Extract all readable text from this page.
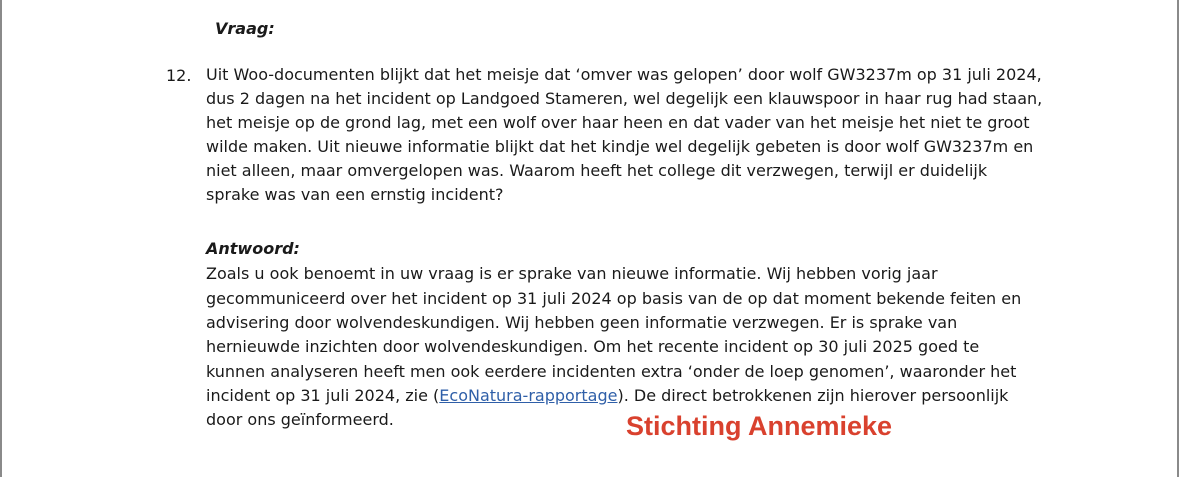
Vraag:
12. Uit Woo-documenten blijkt dat het meisje dat ‘omver was gelopen’ door wolf GW3237m op 31 juli 2024,
dus 2 dagen na het incident op Landgoed Stameren, wel degelijk een klauwspoor in haar rug had staan,
het meisje op de grond lag, met een wolf over haar heen en dat vader van het meisje het niet te groot
wilde maken. Uit nieuwe informatie blijkt dat het kindje wel degelijk gebeten is door wolf GW3237m en
niet alleen, maar omvergelopen was. Waarom heeft het college dit verzwegen, terwijl er duidelijk
sprake was van een ernstig incident?
Antwoord:
Zoals u ook benoemt in uw vraag is er sprake van nieuwe informatie. Wij hebben vorig jaar
gecommuniceerd over het incident op 31 juli 2024 op basis van de op dat moment bekende feiten en
advisering door wolvendeskundigen. Wij hebben geen informatie verzwegen. Er is sprake van
hernieuwde inzichten door wolvendeskundigen. Om het recente incident op 30 juli 2025 goed te
kunnen analyseren heeft men ook eerdere incidenten extra ‘onder de loep genomen’, waaronder het
incident op 31 juli 2024, zie (EcoNatura-rapportage). De direct betrokkenen zijn hierover persoonlijk
door ons geïnformeerd.	Stichting Annemieke
